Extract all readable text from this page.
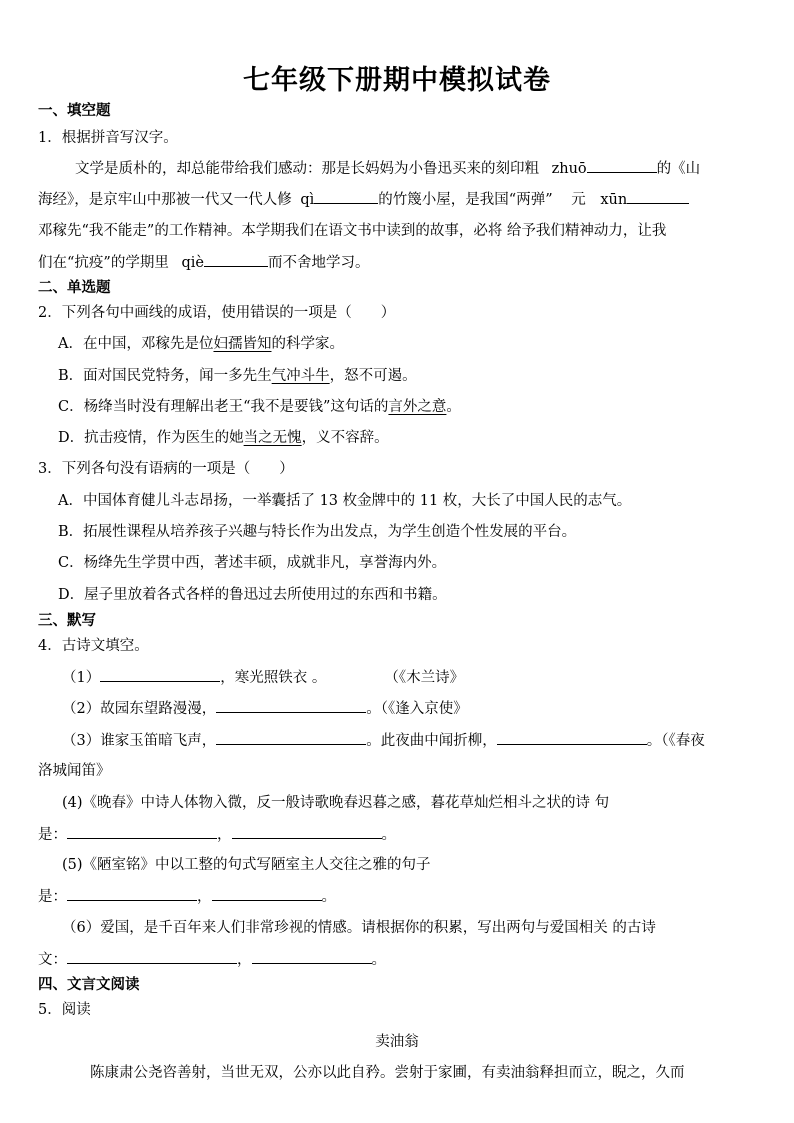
七年级下册期中模拟试卷
一、填空题
1．根据拼音写汉字。
文学是质朴的，却总能带给我们感动：那是长妈妈为小鲁迅买来的刻印粗 zhuō	的《山
海经》，是京牢山中那被一代又一代人修 qì	的竹篾小屋，是我国“两弹” 元 xūn
邓稼先“我不能走”的工作精神。本学期我们在语文书中读到的故事，必将 给予我们精神动力，让我
们在“抗疫”的学期里 qiè	而不舍地学习。
二、单选题
2．下列各句中画线的成语，使用错误的一项是（　　）
A．在中国，邓稼先是位妇孺皆知的科学家。
B．面对国民党特务，闻一多先生气冲斗牛，怒不可遏。
C．杨绛当时没有理解出老王“我不是要钱”这句话的言外之意。
D．抗击疫情，作为医生的她当之无愧，义不容辞。
3．下列各句没有语病的一项是（　　）
A．中国体育健儿斗志昂扬，一举囊括了 13 枚金牌中的 11 枚，大长了中国人民的志气。
B．拓展性课程从培养孩子兴趣与特长作为出发点，为学生创造个性发展的平台。
C．杨绛先生学贯中西，著述丰硕，成就非凡，享誉海内外。
D．屋子里放着各式各样的鲁迅过去所使用过的东西和书籍。
三、默写
4．古诗文填空。
（1）	，寒光照铁衣 。	（《木兰诗》
（2）故园东望路漫漫，	。（《逢入京使》
（3）谁家玉笛暗飞声，	。此夜曲中闻折柳，	。（《春夜
洛城闻笛》
(4)《晚春》中诗人体物入微，反一般诗歌晚春迟暮之感，暮花草灿烂相斗之状的诗 句
是：	，	。
(5)《陋室铭》中以工整的句式写陋室主人交往之雅的句子
是：	，	。
（6）爱国，是千百年来人们非常珍视的情感。请根据你的积累，写出两句与爱国相关 的古诗
文：	，	。
四、文言文阅读
5．阅读
卖油翁
陈康肃公尧咨善射，当世无双，公亦以此自矜。尝射于家圃，有卖油翁释担而立，睨之，久而
